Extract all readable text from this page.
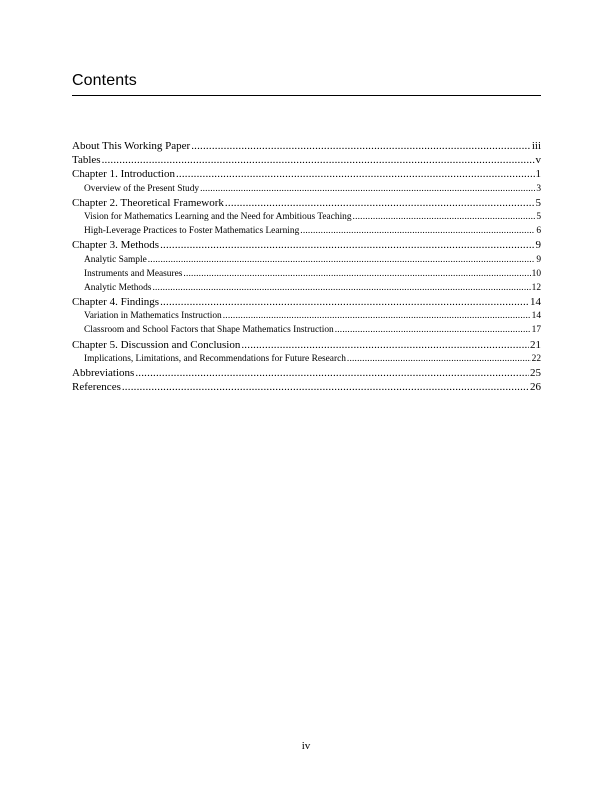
Contents
About This Working Paper .....	iii
Tables .....	v
Chapter 1. Introduction .....	1
Overview of the Present Study .....	3
Chapter 2. Theoretical Framework .....	5
Vision for Mathematics Learning and the Need for Ambitious Teaching .....	5
High-Leverage Practices to Foster Mathematics Learning .....	6
Chapter 3. Methods .....	9
Analytic Sample .....	9
Instruments and Measures .....	10
Analytic Methods .....	12
Chapter 4. Findings .....	14
Variation in Mathematics Instruction .....	14
Classroom and School Factors that Shape Mathematics Instruction .....	17
Chapter 5. Discussion and Conclusion .....	21
Implications, Limitations, and Recommendations for Future Research .....	22
Abbreviations .....	25
References .....	26
iv
